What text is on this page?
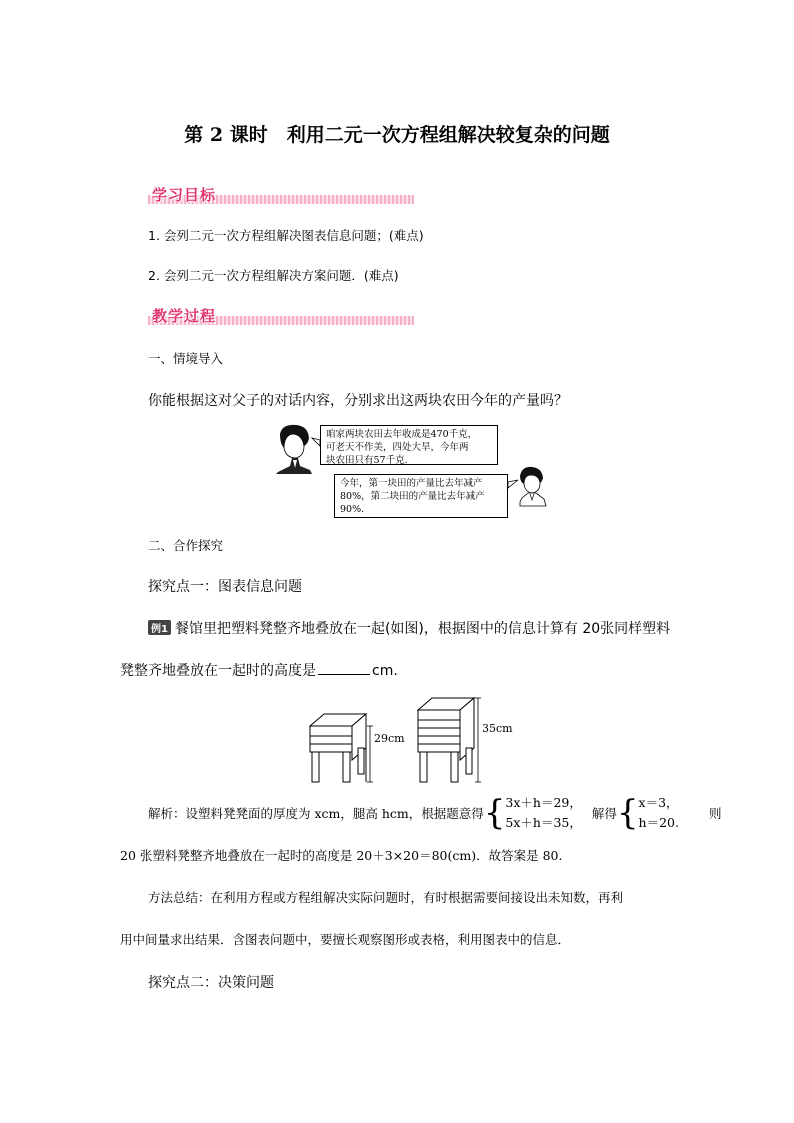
第 2 课时　利用二元一次方程组解决较复杂的问题
学习目标
1. 会列二元一次方程组解决图表信息问题；(难点)
2. 会列二元一次方程组解决方案问题．(难点)
教学过程
一、情境导入
你能根据这对父子的对话内容，分别求出这两块农田今年的产量吗？
咱家两块农田去年收成是470千克，
可老天不作美，四处大旱，今年两
块农田只有57千克.
今年，第一块田的产量比去年减产
80%，第二块田的产量比去年减产
90%.
二、合作探究
探究点一：图表信息问题
例1 餐馆里把塑料凳整齐地叠放在一起(如图)，根据图中的信息计算有 20张同样塑料
凳整齐地叠放在一起时的高度是	cm.
29cm
35cm
解析：设塑料凳凳面的厚度为 xcm，腿高 hcm，根据题意得 { 3x＋h＝29，
5x＋h＝35，
解得 { x＝3，
h＝20.
则
20 张塑料凳整齐地叠放在一起时的高度是 20＋3×20＝80(cm)．故答案是 80.
方法总结：在利用方程或方程组解决实际问题时，有时根据需要间接设出未知数，再利
用中间量求出结果．含图表问题中，要擅长观察图形或表格，利用图表中的信息．
探究点二：决策问题
